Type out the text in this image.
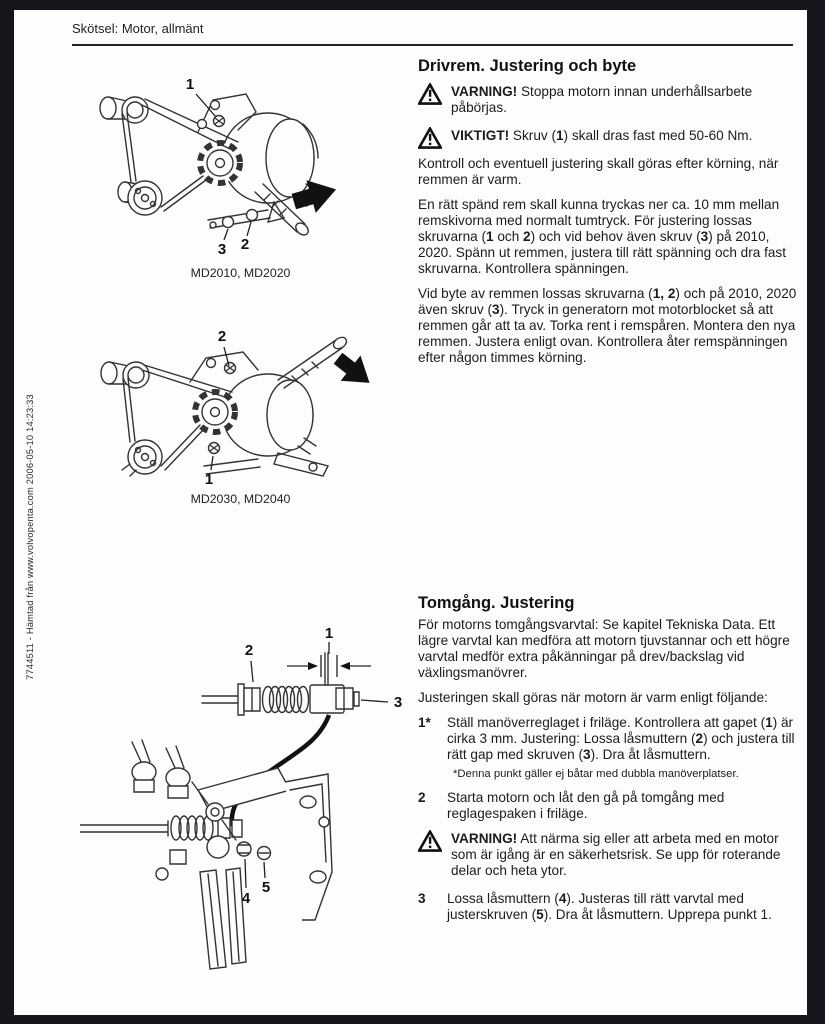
Skötsel: Motor, allmänt
7744511 - Hämtad från www.volvopenta.com 2006-05-10 14:23:33
1
3 2
MD2010, MD2020
2
1
MD2030, MD2040
1
2
3
4
5
Drivrem. Justering och byte

VARNING! Stoppa motorn innan underhållsarbete påbörjas.

VIKTIGT! Skruv (1) skall dras fast med 50-60 Nm.

Kontroll och eventuell justering skall göras efter körning, när remmen är varm.

En rätt spänd rem skall kunna tryckas ner ca. 10 mm mellan remskivorna med normalt tumtryck. För justering lossas skruvarna (1 och 2) och vid behov även skruv (3) på 2010, 2020. Spänn ut remmen, justera till rätt spänning och dra fast skruvarna. Kontrollera spänningen.

Vid byte av remmen lossas skruvarna (1, 2) och på 2010, 2020 även skruv (3). Tryck in generatorn mot motorblocket så att remmen går att ta av. Torka rent i remspåren. Montera den nya remmen. Justera enligt ovan. Kontrollera åter remspänningen efter någon timmes körning.

Tomgång. Justering

För motorns tomgångsvarvtal: Se kapitel Tekniska Data. Ett lägre varvtal kan medföra att motorn tjuvstannar och ett högre varvtal medför extra påkänningar på drev/backslag vid växlingsmanövrer.

Justeringen skall göras när motorn är varm enligt följande:

1*	Ställ manöverreglaget i friläge. Kontrollera att gapet (1) är cirka 3 mm. Justering: Lossa låsmuttern (2) och justera till rätt gap med skruven (3). Dra åt låsmuttern.

*Denna punkt gäller ej båtar med dubbla manöverplatser.

2	Starta motorn och låt den gå på tomgång med reglagespaken i friläge.

VARNING! Att närma sig eller att arbeta med en motor som är igång är en säkerhetsrisk. Se upp för roterande delar och heta ytor.

3	Lossa låsmuttern (4). Justeras till rätt varvtal med justerskruven (5). Dra åt låsmuttern. Upprepa punkt 1.
